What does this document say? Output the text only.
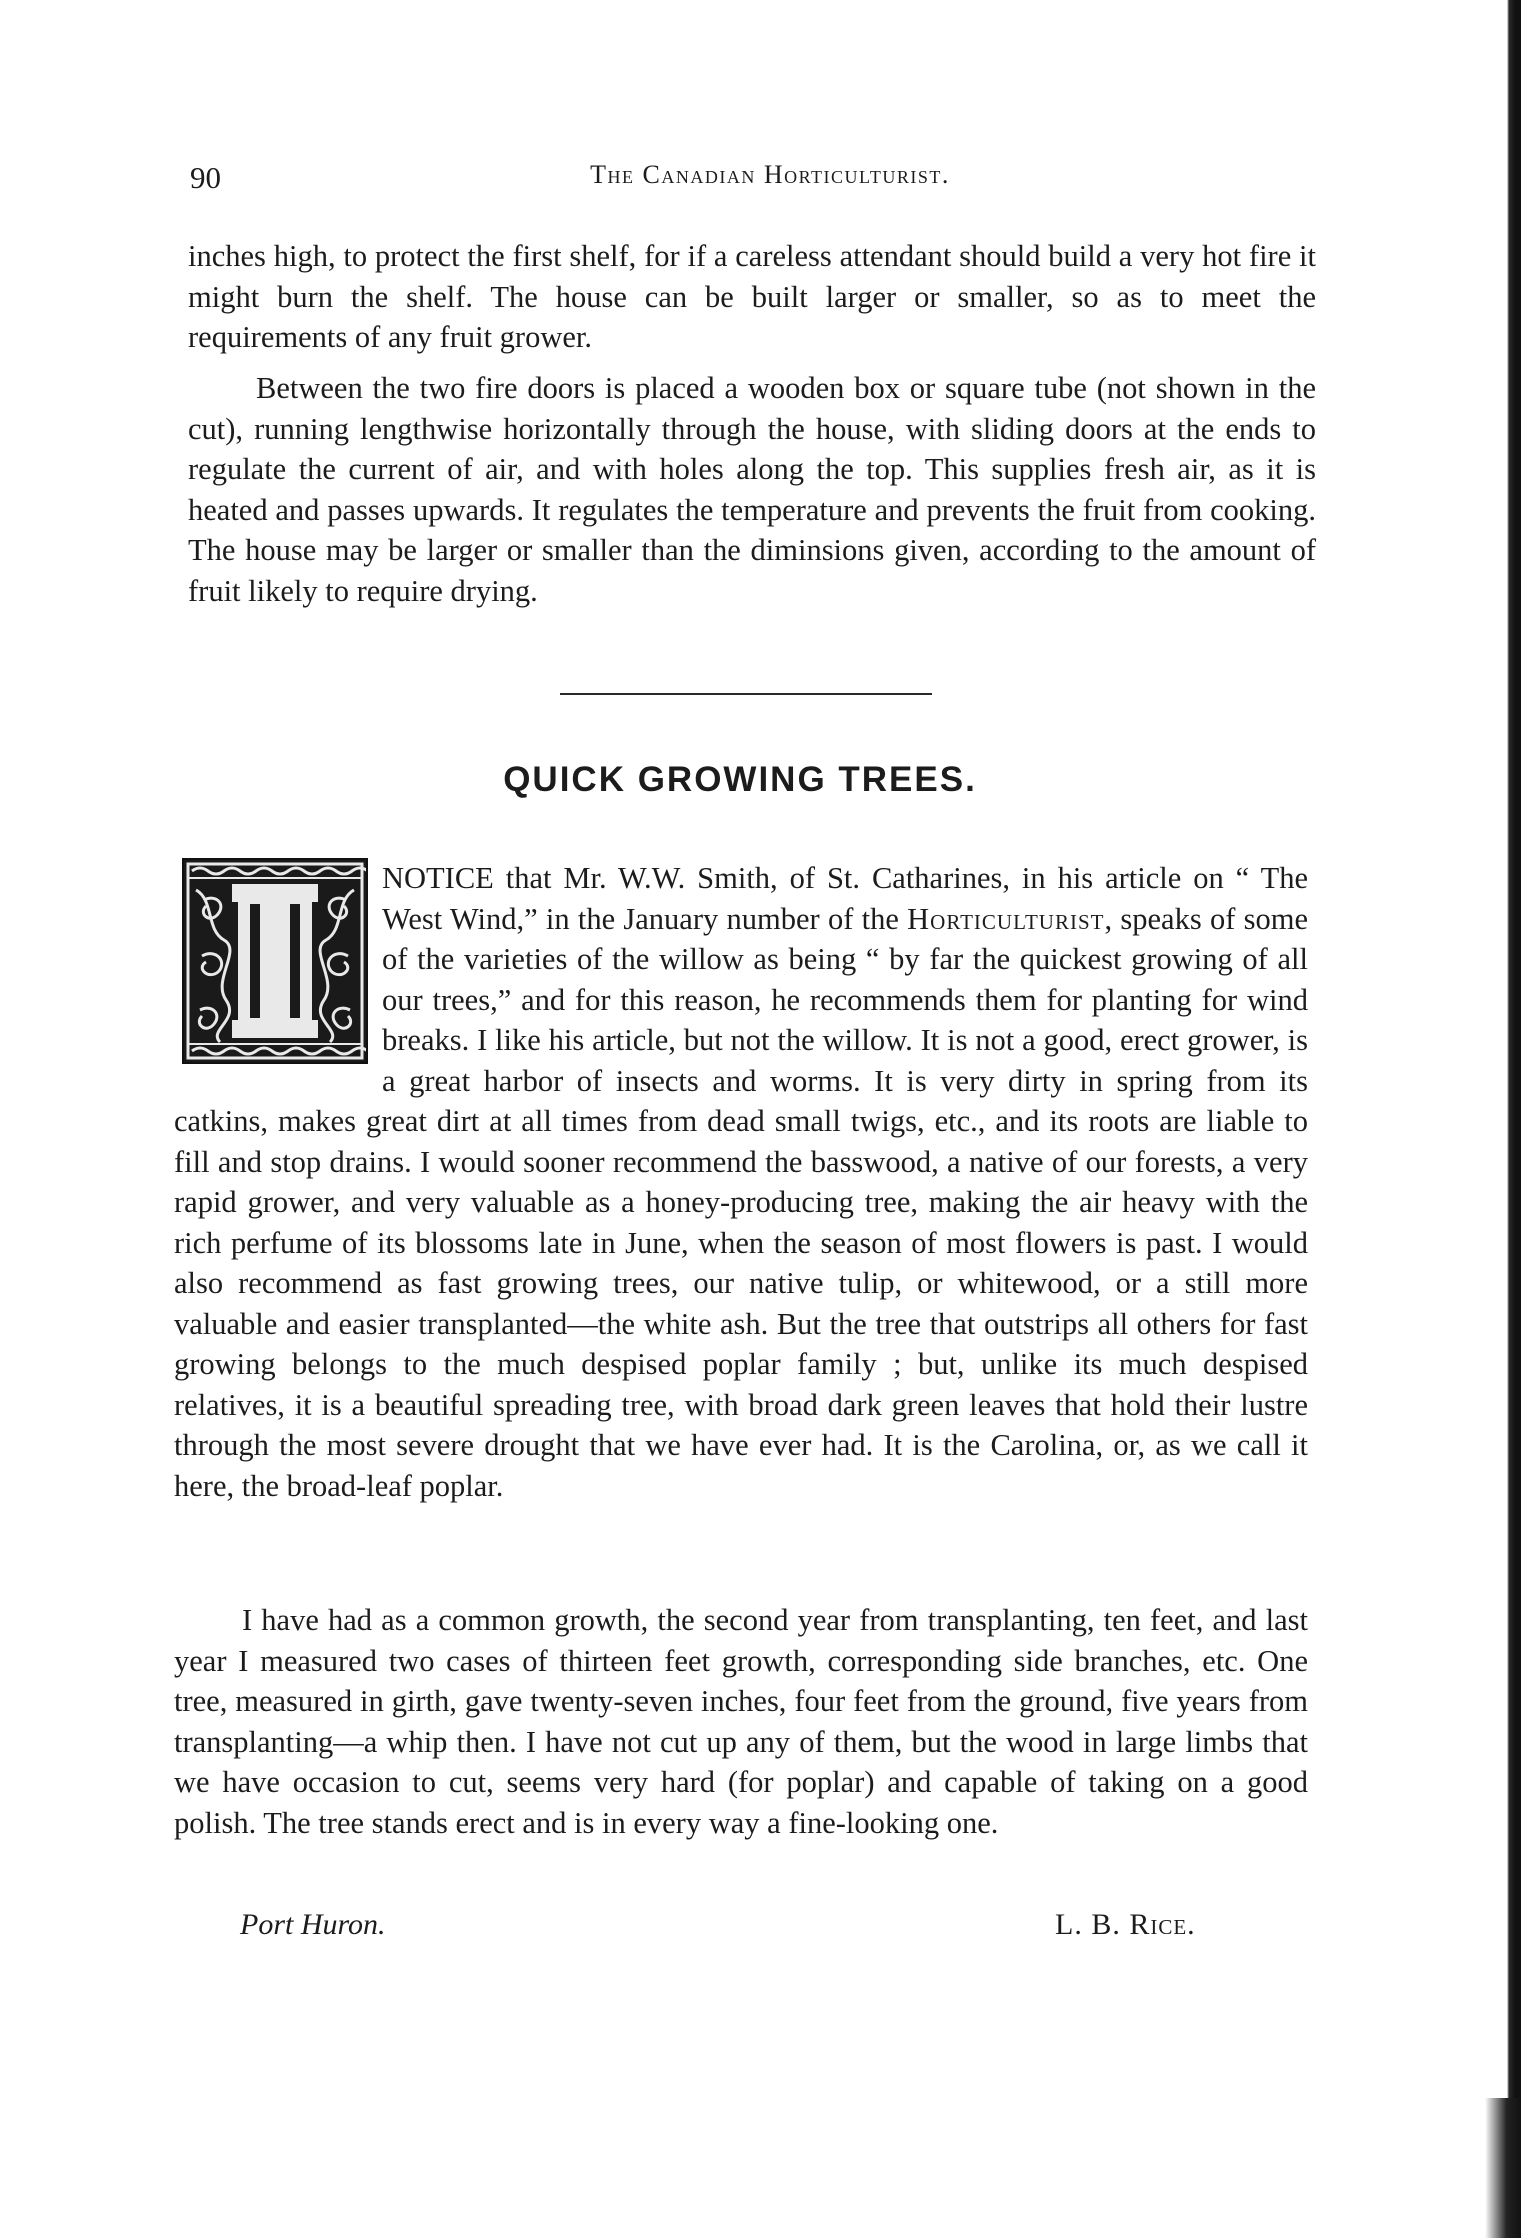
90	The Canadian Horticulturist.

inches high, to protect the first shelf, for if a careless attendant should build a very hot fire it might burn the shelf. The house can be built larger or smaller, so as to meet the requirements of any fruit grower.

Between the two fire doors is placed a wooden box or square tube (not shown in the cut), running lengthwise horizontally through the house, with sliding doors at the ends to regulate the current of air, and with holes along the top. This supplies fresh air, as it is heated and passes upwards. It regulates the temperature and prevents the fruit from cooking. The house may be larger or smaller than the diminsions given, according to the amount of fruit likely to require drying.

QUICK GROWING TREES.

NOTICE that Mr. W.W. Smith, of St. Catharines, in his article on “ The West Wind,” in the January number of the Horticulturist, speaks of some of the varieties of the willow as being “ by far the quickest growing of all our trees,” and for this reason, he recommends them for planting for wind breaks. I like his article, but not the willow. It is not a good, erect grower, is a great harbor of insects and worms. It is very dirty in spring from its catkins, makes great dirt at all times from dead small twigs, etc., and its roots are liable to fill and stop drains. I would sooner recommend the basswood, a native of our forests, a very rapid grower, and very valuable as a honey-producing tree, making the air heavy with the rich perfume of its blossoms late in June, when the season of most flowers is past. I would also recommend as fast growing trees, our native tulip, or whitewood, or a still more valuable and easier transplanted—the white ash. But the tree that outstrips all others for fast growing belongs to the much despised poplar family ; but, unlike its much despised relatives, it is a beautiful spreading tree, with broad dark green leaves that hold their lustre through the most severe drought that we have ever had. It is the Carolina, or, as we call it here, the broad-leaf poplar.

I have had as a common growth, the second year from transplanting, ten feet, and last year I measured two cases of thirteen feet growth, corresponding side branches, etc. One tree, measured in girth, gave twenty-seven inches, four feet from the ground, five years from transplanting—a whip then. I have not cut up any of them, but the wood in large limbs that we have occasion to cut, seems very hard (for poplar) and capable of taking on a good polish. The tree stands erect and is in every way a fine-looking one.

Port Huron.	L. B. Rice.
